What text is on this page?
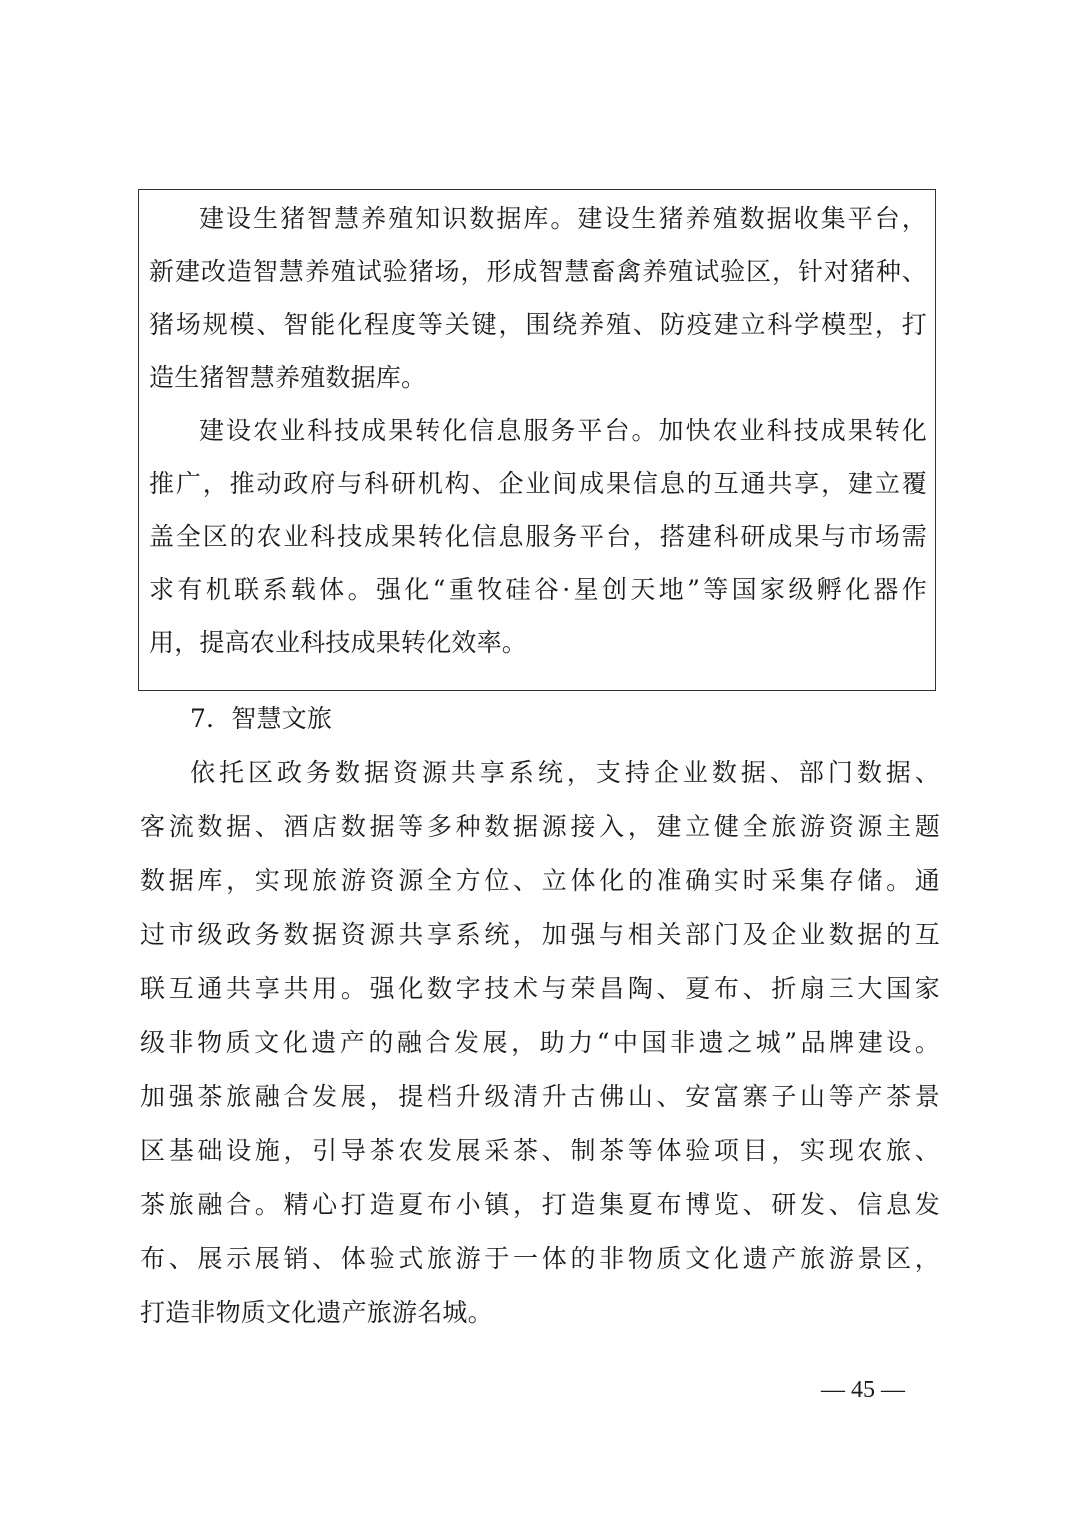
建设生猪智慧养殖知识数据库。建设生猪养殖数据收集平台，
新建改造智慧养殖试验猪场，形成智慧畜禽养殖试验区，针对猪种、
猪场规模、智能化程度等关键，围绕养殖、防疫建立科学模型，打
造生猪智慧养殖数据库。
建设农业科技成果转化信息服务平台。加快农业科技成果转化
推广，推动政府与科研机构、企业间成果信息的互通共享，建立覆
盖全区的农业科技成果转化信息服务平台，搭建科研成果与市场需
求有机联系载体。强化“重牧硅谷·星创天地”等国家级孵化器作
用，提高农业科技成果转化效率。
7．智慧文旅
依托区政务数据资源共享系统，支持企业数据、部门数据、
客流数据、酒店数据等多种数据源接入，建立健全旅游资源主题
数据库，实现旅游资源全方位、立体化的准确实时采集存储。通
过市级政务数据资源共享系统，加强与相关部门及企业数据的互
联互通共享共用。强化数字技术与荣昌陶、夏布、折扇三大国家
级非物质文化遗产的融合发展，助力“中国非遗之城”品牌建设。
加强茶旅融合发展，提档升级清升古佛山、安富寨子山等产茶景
区基础设施，引导茶农发展采茶、制茶等体验项目，实现农旅、
茶旅融合。精心打造夏布小镇，打造集夏布博览、研发、信息发
布、展示展销、体验式旅游于一体的非物质文化遗产旅游景区，
打造非物质文化遗产旅游名城。
— 45 —
